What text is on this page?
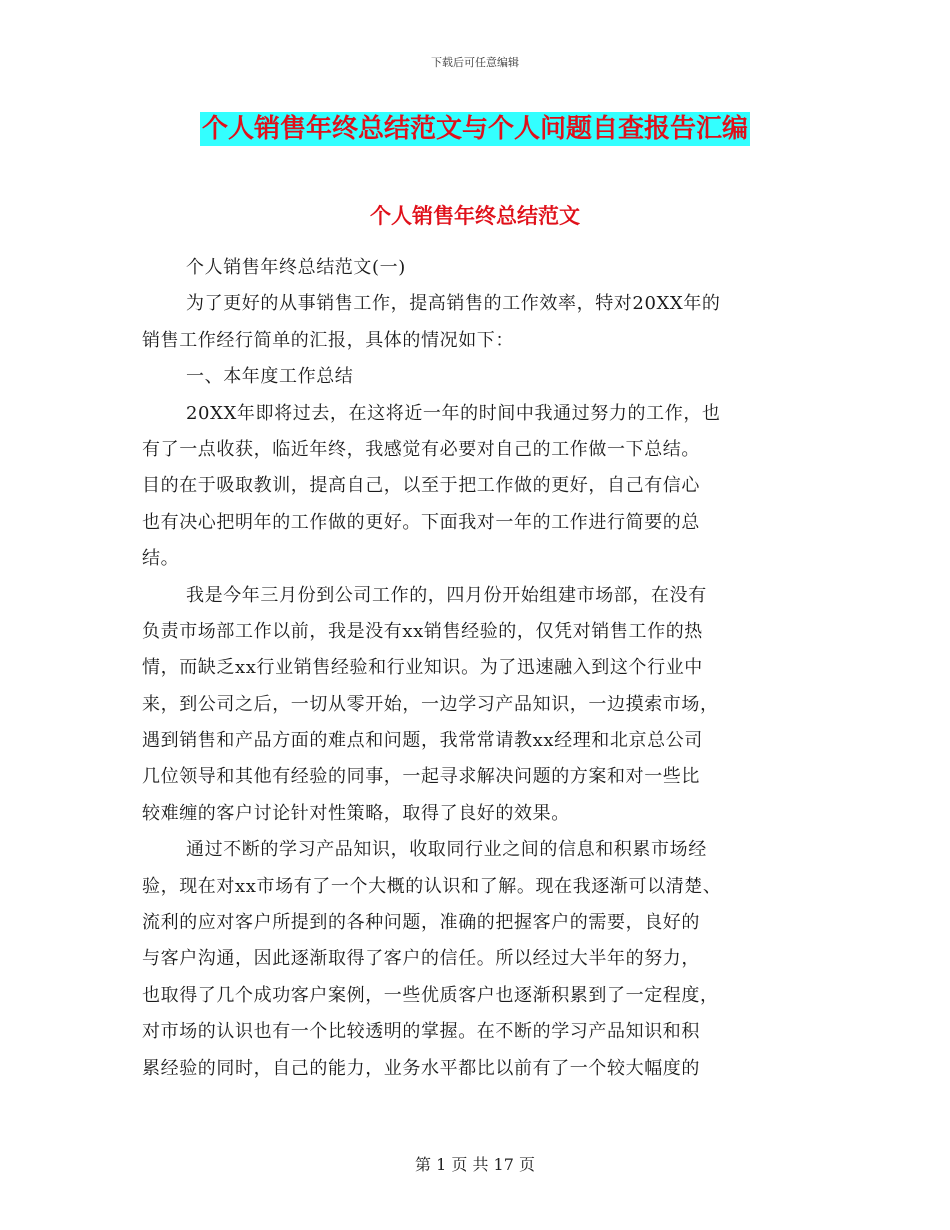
下载后可任意编辑
个人销售年终总结范文与个人问题自查报告汇编
个人销售年终总结范文
个人销售年终总结范文(一)
为了更好的从事销售工作，提高销售的工作效率，特对20XX年的
销售工作经行简单的汇报，具体的情况如下：
一、本年度工作总结
20XX年即将过去，在这将近一年的时间中我通过努力的工作，也
有了一点收获，临近年终，我感觉有必要对自己的工作做一下总结。
目的在于吸取教训，提高自己，以至于把工作做的更好，自己有信心
也有决心把明年的工作做的更好。下面我对一年的工作进行简要的总
结。
我是今年三月份到公司工作的，四月份开始组建市场部，在没有
负责市场部工作以前，我是没有xx销售经验的，仅凭对销售工作的热
情，而缺乏xx行业销售经验和行业知识。为了迅速融入到这个行业中
来，到公司之后，一切从零开始，一边学习产品知识，一边摸索市场，
遇到销售和产品方面的难点和问题，我常常请教xx经理和北京总公司
几位领导和其他有经验的同事，一起寻求解决问题的方案和对一些比
较难缠的客户讨论针对性策略，取得了良好的效果。
通过不断的学习产品知识，收取同行业之间的信息和积累市场经
验，现在对xx市场有了一个大概的认识和了解。现在我逐渐可以清楚、
流利的应对客户所提到的各种问题，准确的把握客户的需要，良好的
与客户沟通，因此逐渐取得了客户的信任。所以经过大半年的努力，
也取得了几个成功客户案例，一些优质客户也逐渐积累到了一定程度，
对市场的认识也有一个比较透明的掌握。在不断的学习产品知识和积
累经验的同时，自己的能力，业务水平都比以前有了一个较大幅度的
第 1 页 共 17 页
